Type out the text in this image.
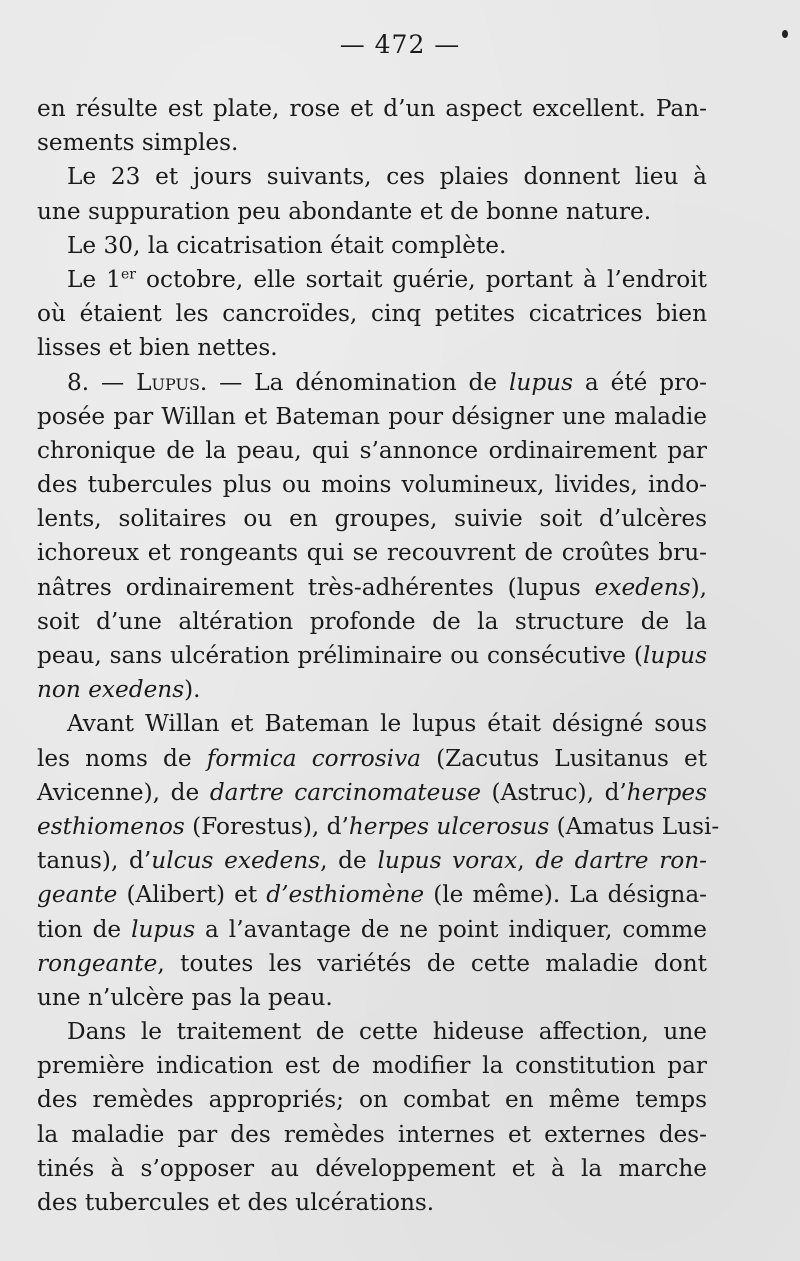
— 472 —
en résulte est plate, rose et d’un aspect excellent. Pan-
sements simples.
Le 23 et jours suivants, ces plaies donnent lieu à
une suppuration peu abondante et de bonne nature.
Le 30, la cicatrisation était complète.
Le 1er octobre, elle sortait guérie, portant à l’endroit
où étaient les cancroïdes, cinq petites cicatrices bien
lisses et bien nettes.
8. — Lupus. — La dénomination de lupus a été pro-
posée par Willan et Bateman pour désigner une maladie
chronique de la peau, qui s’annonce ordinairement par
des tubercules plus ou moins volumineux, livides, indo-
lents, solitaires ou en groupes, suivie soit d’ulcères
ichoreux et rongeants qui se recouvrent de croûtes bru-
nâtres ordinairement très-adhérentes (lupus exedens),
soit d’une altération profonde de la structure de la
peau, sans ulcération préliminaire ou consécutive (lupus
non exedens).
Avant Willan et Bateman le lupus était désigné sous
les noms de formica corrosiva (Zacutus Lusitanus et
Avicenne), de dartre carcinomateuse (Astruc), d’herpes
esthiomenos (Forestus), d’herpes ulcerosus (Amatus Lusi-
tanus), d’ulcus exedens, de lupus vorax, de dartre ron-
geante (Alibert) et d’esthiomène (le même). La désigna-
tion de lupus a l’avantage de ne point indiquer, comme
rongeante, toutes les variétés de cette maladie dont
une n’ulcère pas la peau.
Dans le traitement de cette hideuse affection, une
première indication est de modifier la constitution par
des remèdes appropriés; on combat en même temps
la maladie par des remèdes internes et externes des-
tinés à s’opposer au développement et à la marche
des tubercules et des ulcérations.
